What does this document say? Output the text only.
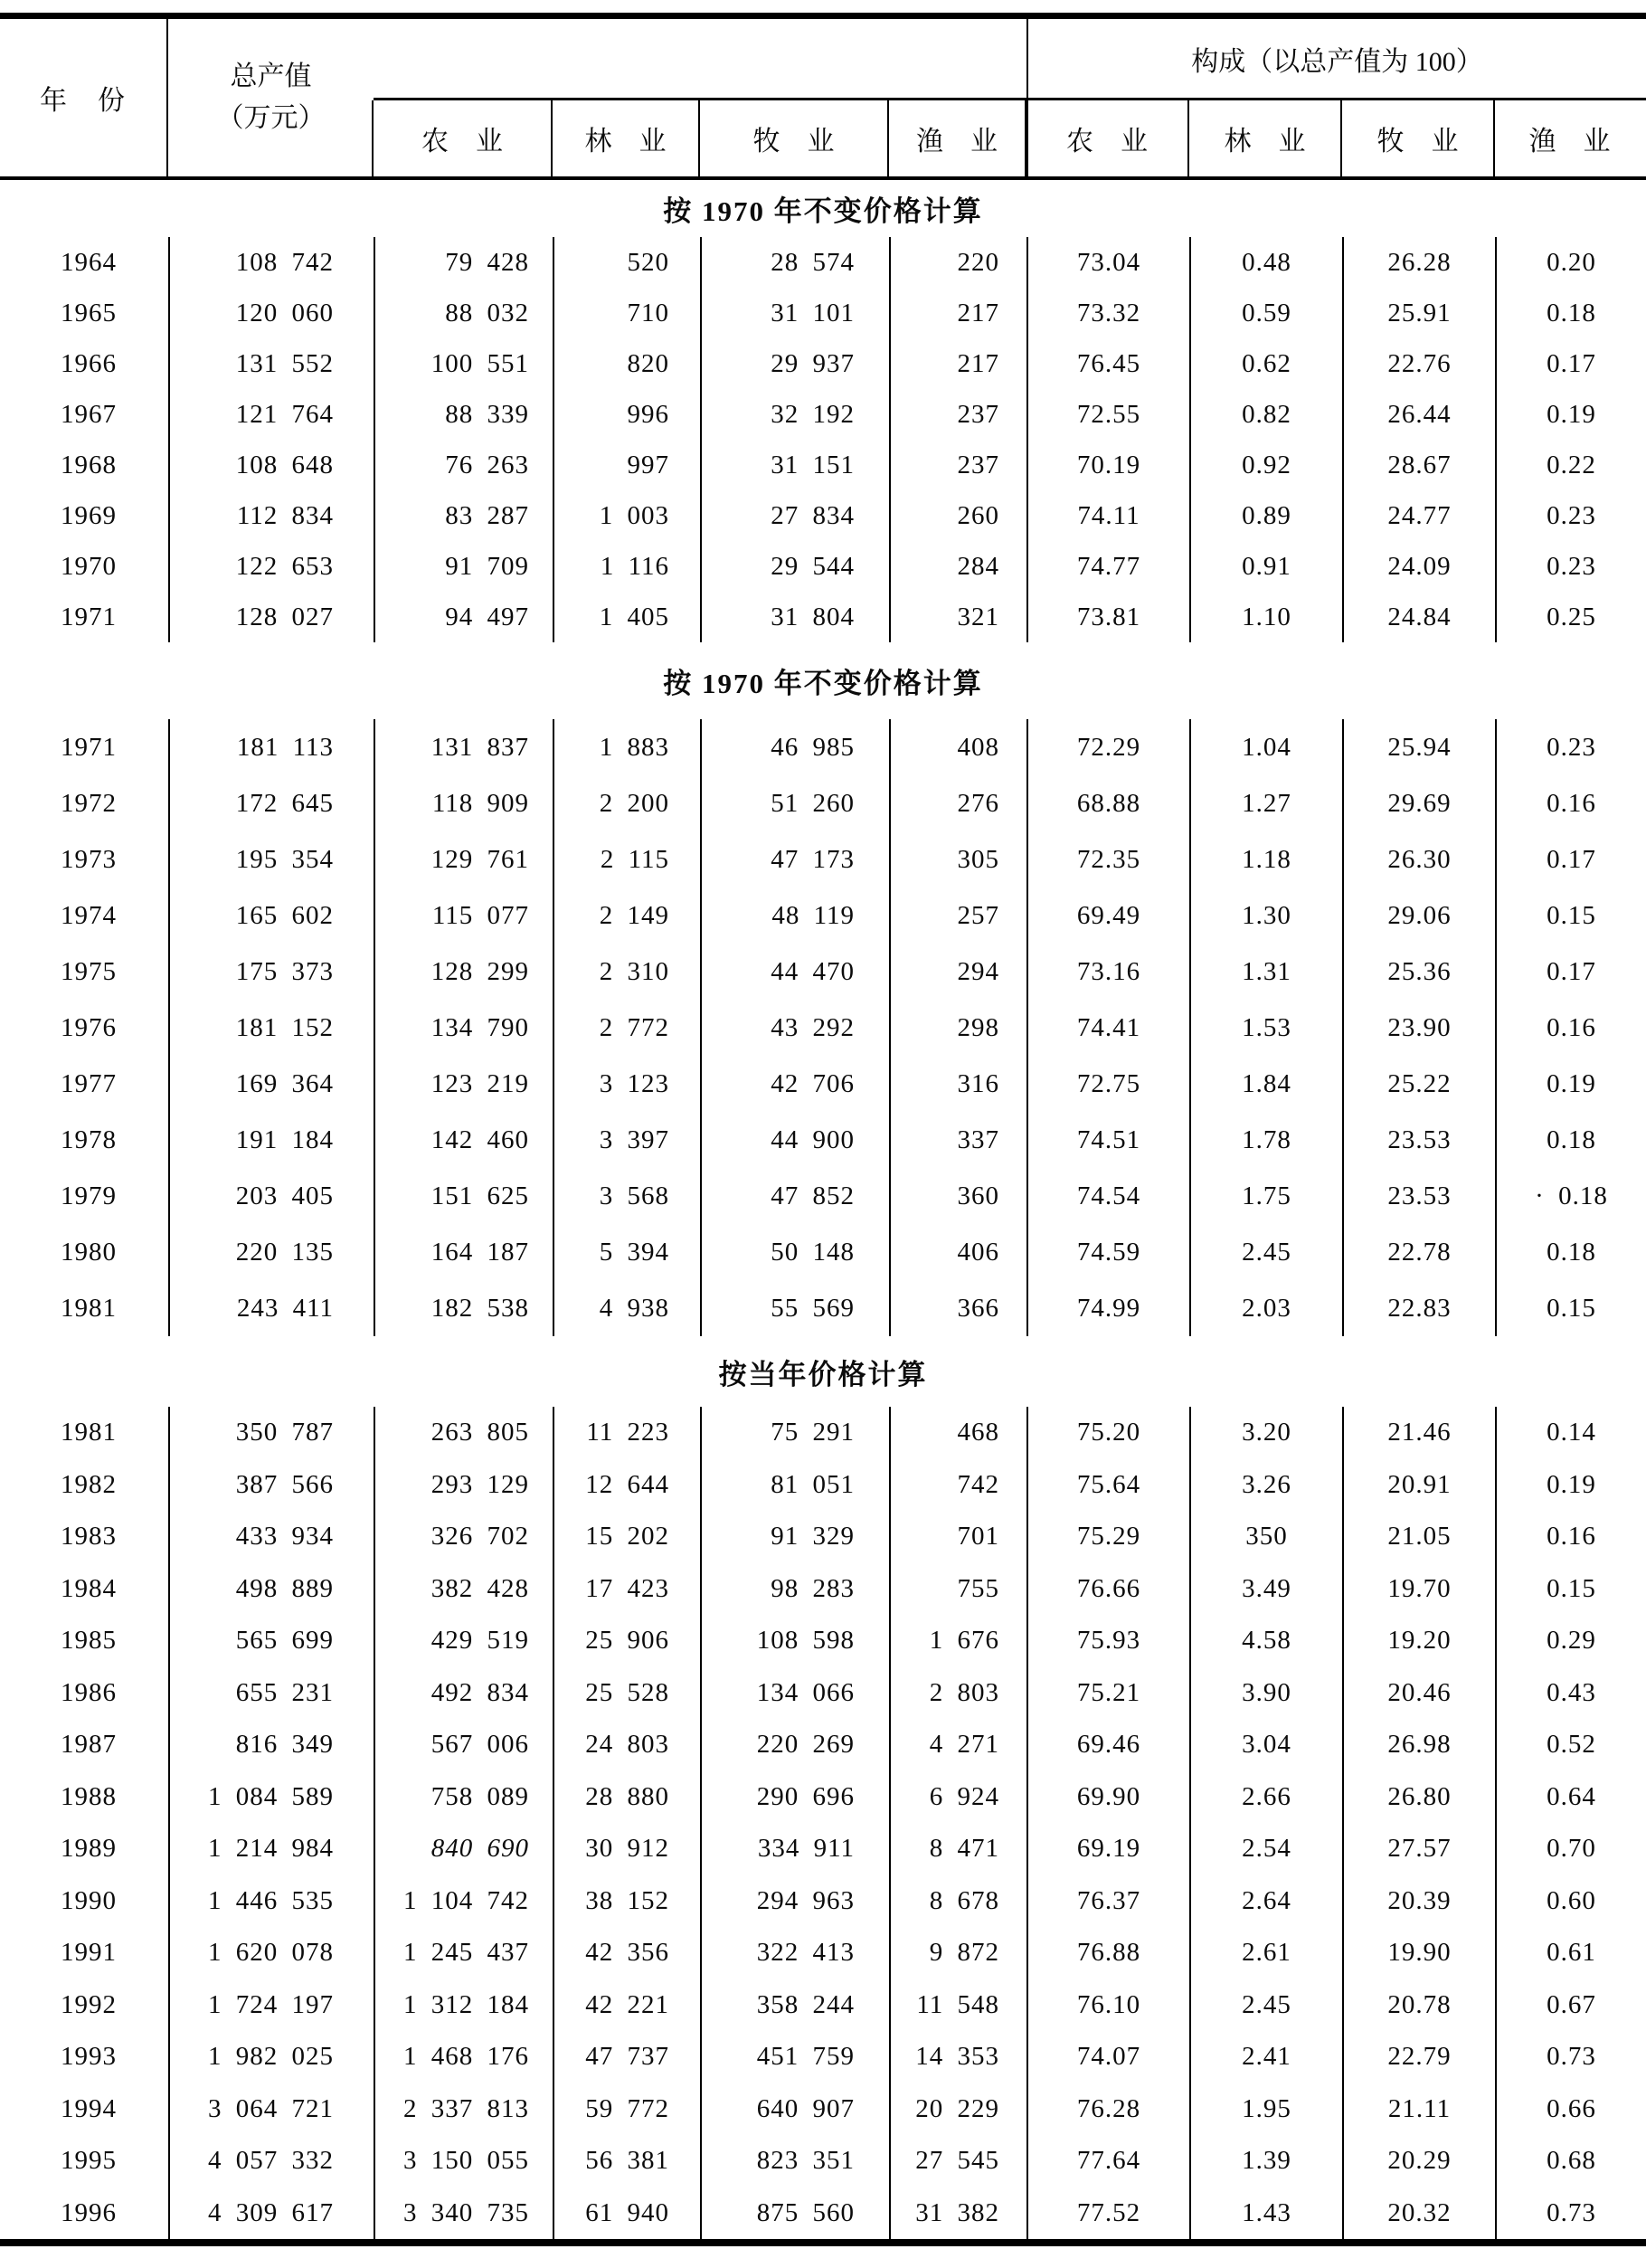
年　份
总产值
（万元）
构成（以总产值为 100）
农　业	林　业	牧　业	渔　业	农　业	林　业	牧　业	渔　业
按 1970 年不变价格计算
1964	108 742	79 428	520	28 574	220	73.04	0.48	26.28	0.20
1965	120 060	88 032	710	31 101	217	73.32	0.59	25.91	0.18
1966	131 552	100 551	820	29 937	217	76.45	0.62	22.76	0.17
1967	121 764	88 339	996	32 192	237	72.55	0.82	26.44	0.19
1968	108 648	76 263	997	31 151	237	70.19	0.92	28.67	0.22
1969	112 834	83 287	1 003	27 834	260	74.11	0.89	24.77	0.23
1970	122 653	91 709	1 116	29 544	284	74.77	0.91	24.09	0.23
1971	128 027	94 497	1 405	31 804	321	73.81	1.10	24.84	0.25
按 1970 年不变价格计算
1971	181 113	131 837	1 883	46 985	408	72.29	1.04	25.94	0.23
1972	172 645	118 909	2 200	51 260	276	68.88	1.27	29.69	0.16
1973	195 354	129 761	2 115	47 173	305	72.35	1.18	26.30	0.17
1974	165 602	115 077	2 149	48 119	257	69.49	1.30	29.06	0.15
1975	175 373	128 299	2 310	44 470	294	73.16	1.31	25.36	0.17
1976	181 152	134 790	2 772	43 292	298	74.41	1.53	23.90	0.16
1977	169 364	123 219	3 123	42 706	316	72.75	1.84	25.22	0.19
1978	191 184	142 460	3 397	44 900	337	74.51	1.78	23.53	0.18
1979	203 405	151 625	3 568	47 852	360	74.54	1.75	23.53	· 0.18
1980	220 135	164 187	5 394	50 148	406	74.59	2.45	22.78	0.18
1981	243 411	182 538	4 938	55 569	366	74.99	2.03	22.83	0.15
按当年价格计算
1981	350 787	263 805	11 223	75 291	468	75.20	3.20	21.46	0.14
1982	387 566	293 129	12 644	81 051	742	75.64	3.26	20.91	0.19
1983	433 934	326 702	15 202	91 329	701	75.29	350	21.05	0.16
1984	498 889	382 428	17 423	98 283	755	76.66	3.49	19.70	0.15
1985	565 699	429 519	25 906	108 598	1 676	75.93	4.58	19.20	0.29
1986	655 231	492 834	25 528	134 066	2 803	75.21	3.90	20.46	0.43
1987	816 349	567 006	24 803	220 269	4 271	69.46	3.04	26.98	0.52
1988	1 084 589	758 089	28 880	290 696	6 924	69.90	2.66	26.80	0.64
1989	1 214 984	840 690	30 912	334 911	8 471	69.19	2.54	27.57	0.70
1990	1 446 535	1 104 742	38 152	294 963	8 678	76.37	2.64	20.39	0.60
1991	1 620 078	1 245 437	42 356	322 413	9 872	76.88	2.61	19.90	0.61
1992	1 724 197	1 312 184	42 221	358 244	11 548	76.10	2.45	20.78	0.67
1993	1 982 025	1 468 176	47 737	451 759	14 353	74.07	2.41	22.79	0.73
1994	3 064 721	2 337 813	59 772	640 907	20 229	76.28	1.95	21.11	0.66
1995	4 057 332	3 150 055	56 381	823 351	27 545	77.64	1.39	20.29	0.68
1996	4 309 617	3 340 735	61 940	875 560	31 382	77.52	1.43	20.32	0.73
